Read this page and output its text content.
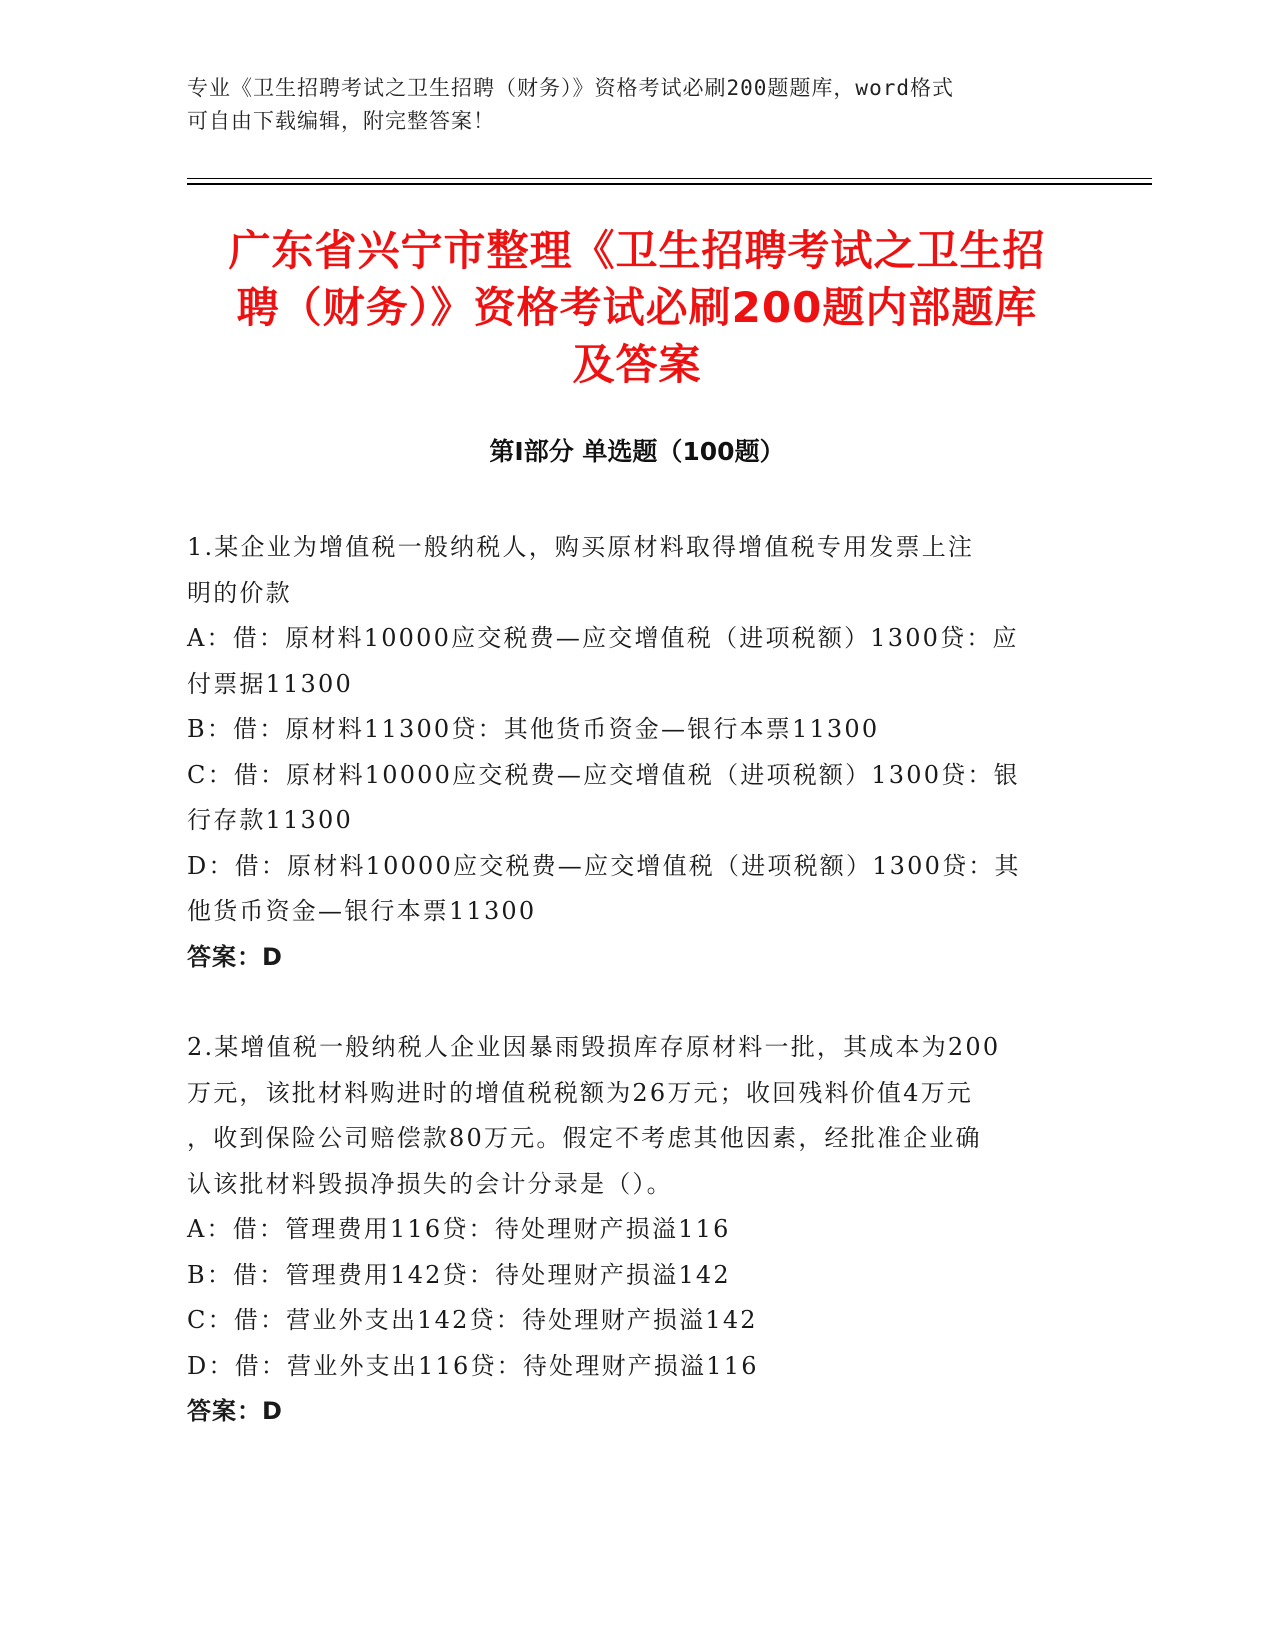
专业《卫生招聘考试之卫生招聘（财务）》资格考试必刷200题题库，word格式
可自由下载编辑，附完整答案！
广东省兴宁市整理《卫生招聘考试之卫生招
聘（财务）》资格考试必刷200题内部题库
及答案
第Ⅰ部分 单选题（100题）

1.某企业为增值税一般纳税人，购买原材料取得增值税专用发票上注

明的价款

A：借：原材料10000应交税费—应交增值税（进项税额）1300贷：应

付票据11300

B：借：原材料11300贷：其他货币资金—银行本票11300

C：借：原材料10000应交税费—应交增值税（进项税额）1300贷：银

行存款11300

D：借：原材料10000应交税费—应交增值税（进项税额）1300贷：其

他货币资金—银行本票11300

答案：D

2.某增值税一般纳税人企业因暴雨毁损库存原材料一批，其成本为200

万元，该批材料购进时的增值税税额为26万元；收回残料价值4万元

，收到保险公司赔偿款80万元。假定不考虑其他因素，经批准企业确

认该批材料毁损净损失的会计分录是（）。

A：借：管理费用116贷：待处理财产损溢116

B：借：管理费用142贷：待处理财产损溢142

C：借：营业外支出142贷：待处理财产损溢142

D：借：营业外支出116贷：待处理财产损溢116

答案：D
